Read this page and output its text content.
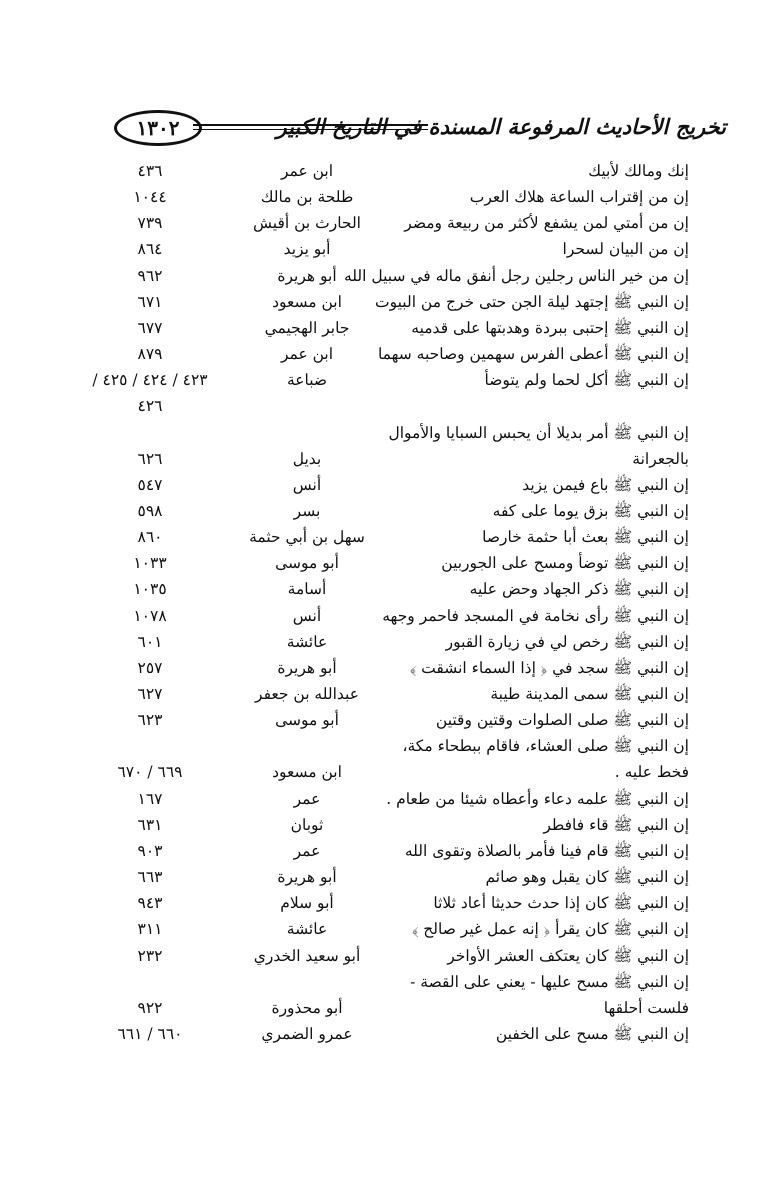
تخريج الأحاديث المرفوعة المسندة في التاريخ الكبير
١٣٠٢
إنك ومالك لأبيك
ابن عمر
٤٣٦
إن من إقتراب الساعة هلاك العرب
طلحة بن مالك
١٠٤٤
إن من أمتي لمن يشفع لأكثر من ربيعة ومضر
الحارث بن أقيش
٧٣٩
إن من البيان لسحرا
أبو يزيد
٨٦٤
إن من خير الناس رجلين رجل أنفق ماله في سبيل الله
أبو هريرة
٩٦٢
إن النبي ﷺ إجتهد ليلة الجن حتى خرج من البيوت
ابن مسعود
٦٧١
إن النبي ﷺ إحتبى ببردة وهدبتها على قدميه
جابر الهجيمي
٦٧٧
إن النبي ﷺ أعطى الفرس سهمين وصاحبه سهما
ابن عمر
٨٧٩
إن النبي ﷺ أكل لحما ولم يتوضأ
ضباعة
٤٢٣ / ٤٢٤ / ٤٢٥ /
٤٢٦
إن النبي ﷺ أمر بديلا أن يحبس السبايا والأموال
بالجعرانة
بديل
٦٢٦
إن النبي ﷺ باع فيمن يزيد
أنس
٥٤٧
إن النبي ﷺ بزق يوما على كفه
بسر
٥٩٨
إن النبي ﷺ بعث أبا حثمة خارصا
سهل بن أبي حثمة
٨٦٠
إن النبي ﷺ توضأ ومسح على الجوربين
أبو موسى
١٠٣٣
إن النبي ﷺ ذكر الجهاد وحض عليه
أسامة
١٠٣٥
إن النبي ﷺ رأى نخامة في المسجد فاحمر وجهه
أنس
١٠٧٨
إن النبي ﷺ رخص لي في زيارة القبور
عائشة
٦٠١
إن النبي ﷺ سجد في ﴿ إذا السماء انشقت ﴾
أبو هريرة
٢٥٧
إن النبي ﷺ سمى المدينة طيبة
عبدالله بن جعفر
٦٢٧
إن النبي ﷺ صلى الصلوات وقتين وقتين
أبو موسى
٦٢٣
إن النبي ﷺ صلى العشاء، فاقام ببطحاء مكة،
فخط عليه .
ابن مسعود
٦٦٩ / ٦٧٠
إن النبي ﷺ علمه دعاء وأعطاه شيئا من طعام .
عمر
١٦٧
إن النبي ﷺ قاء فافطر
ثوبان
٦٣١
إن النبي ﷺ قام فينا فأمر بالصلاة وتقوى الله
عمر
٩٠٣
إن النبي ﷺ كان يقبل وهو صائم
أبو هريرة
٦٦٣
إن النبي ﷺ كان إذا حدث حديثا أعاد ثلاثا
أبو سلام
٩٤٣
إن النبي ﷺ كان يقرأ ﴿ إنه عمل غير صالح ﴾
عائشة
٣١١
إن النبي ﷺ كان يعتكف العشر الأواخر
أبو سعيد الخدري
٢٣٢
إن النبي ﷺ مسح عليها - يعني على القصة -
فلست أحلقها
أبو محذورة
٩٢٢
إن النبي ﷺ مسح على الخفين
عمرو الضمري
٦٦٠ / ٦٦١
